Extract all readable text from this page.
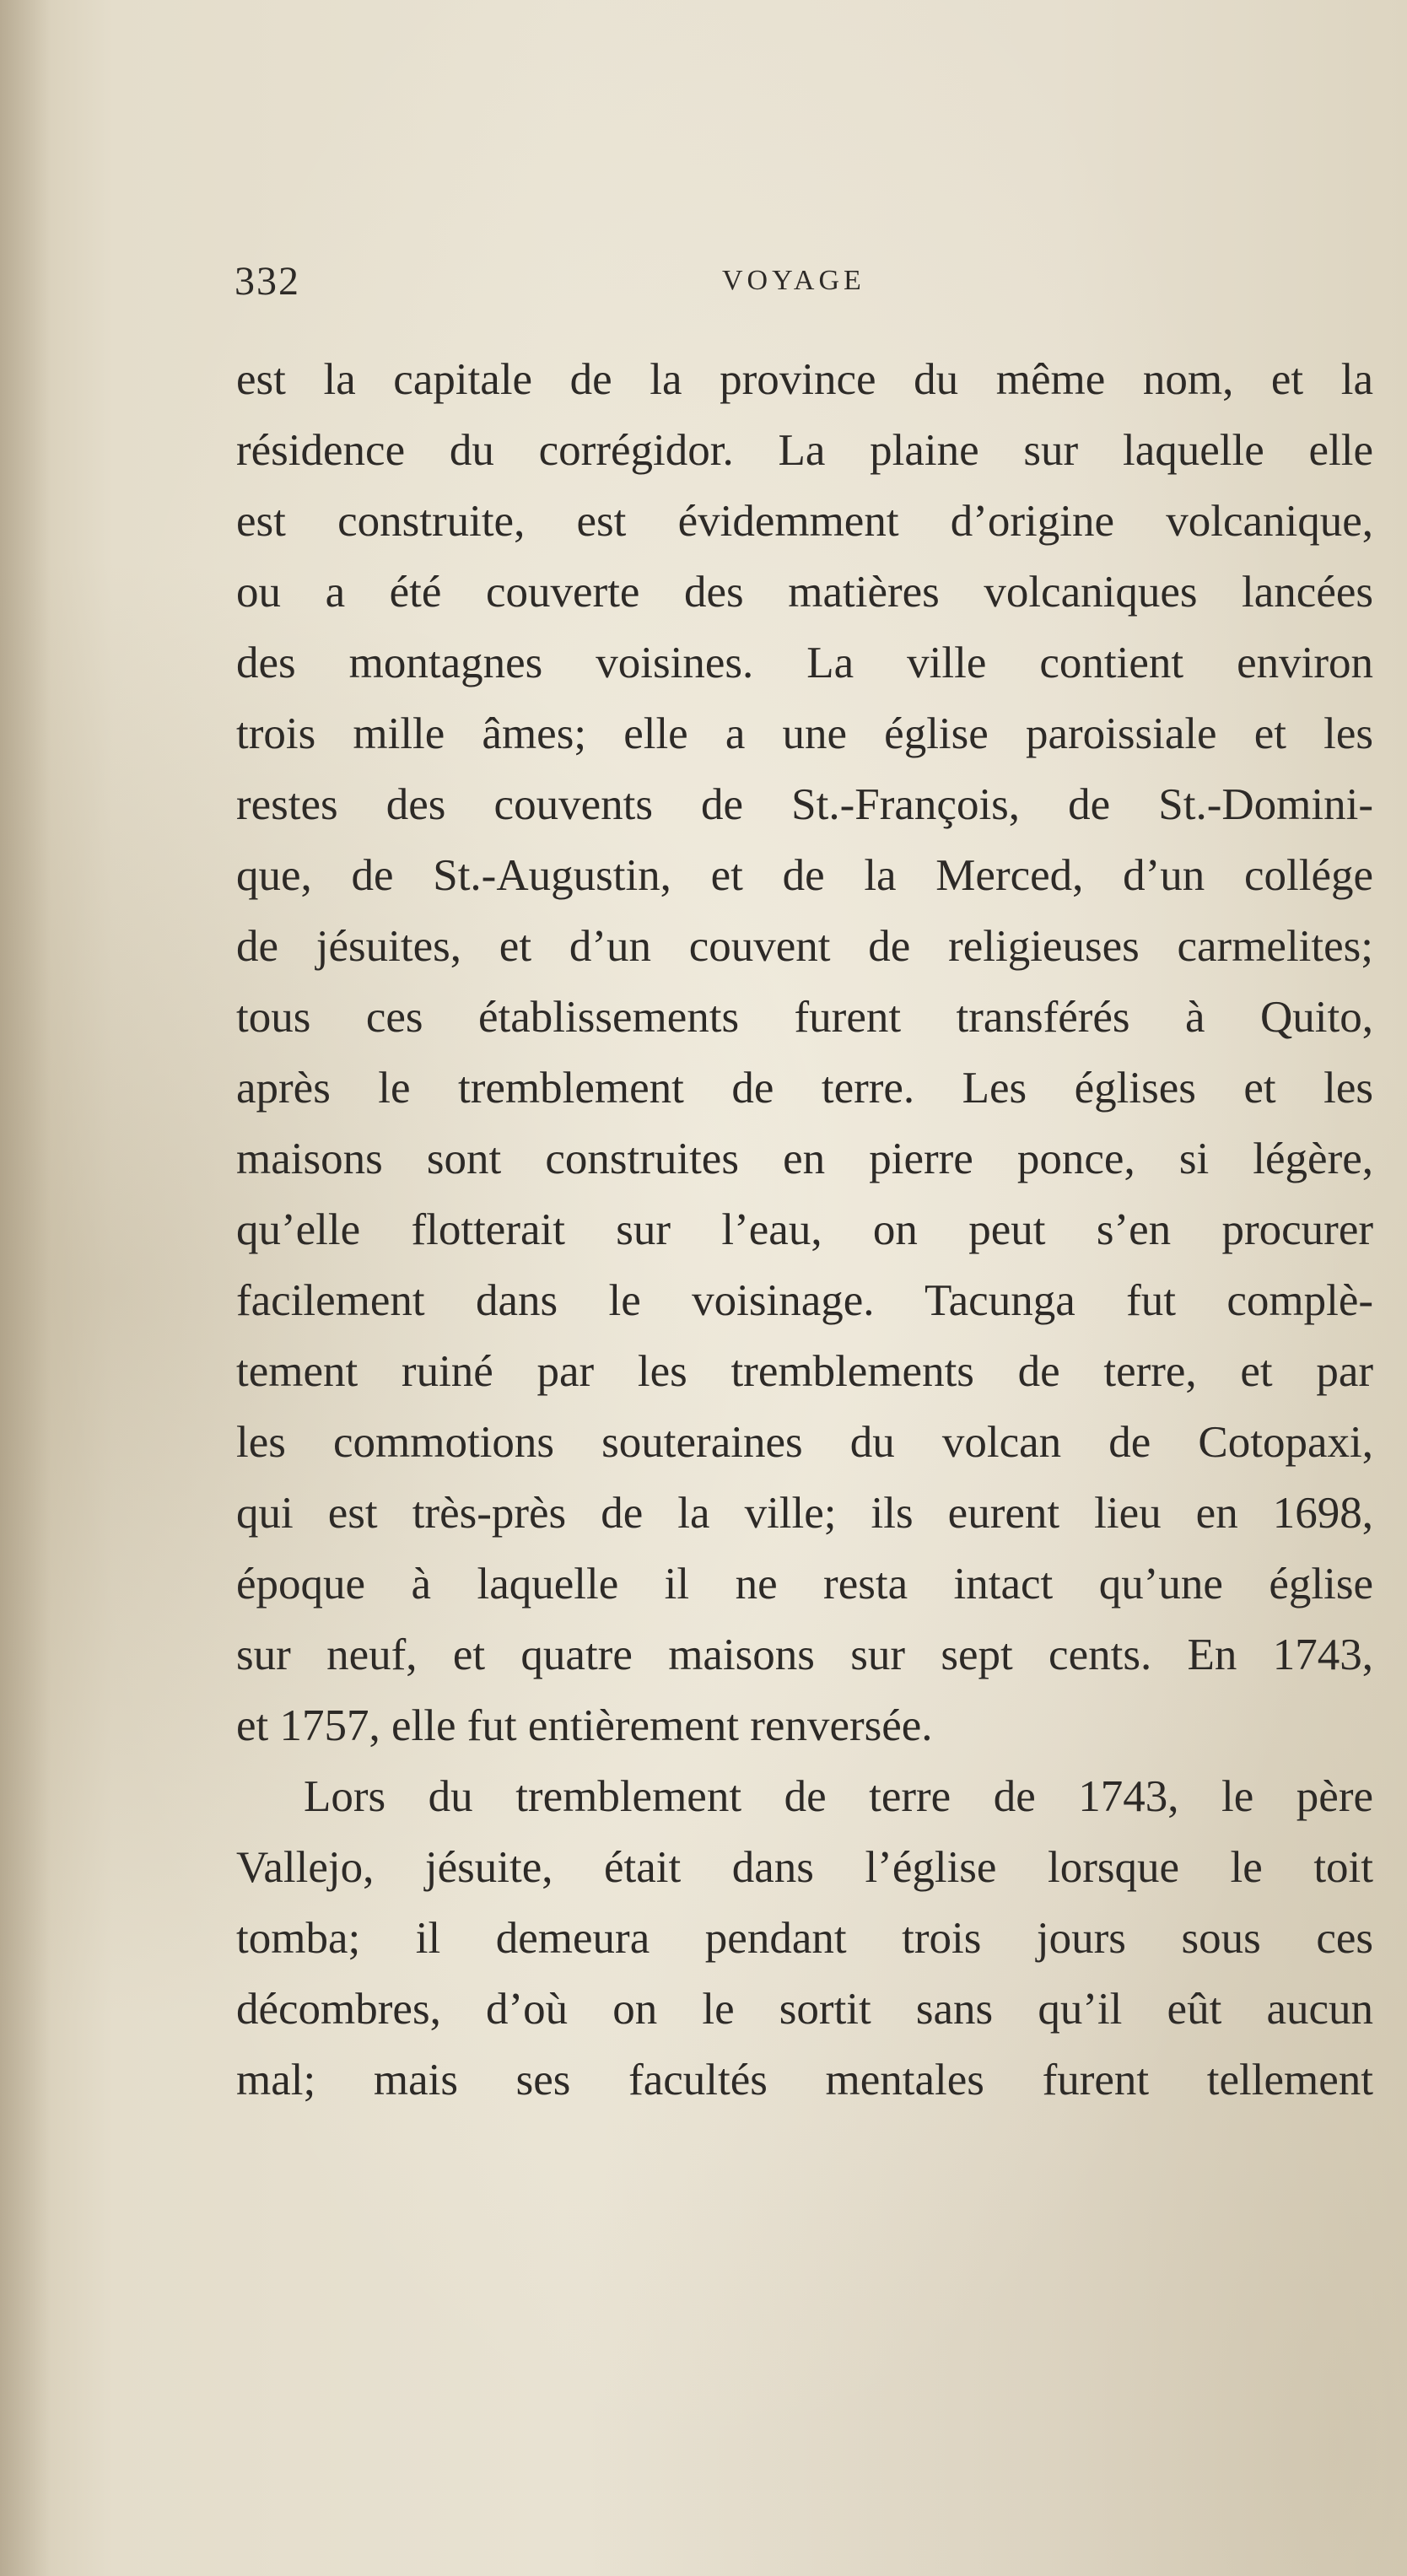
332	VOYAGE
est la capitale de la province du même nom, et la
résidence du corrégidor. La plaine sur laquelle elle
est construite, est évidemment d’origine volcanique,
ou a été couverte des matières volcaniques lancées
des montagnes voisines. La ville contient environ
trois mille âmes; elle a une église paroissiale et les
restes des couvents de St.-François, de St.-Domini-
que, de St.-Augustin, et de la Merced, d’un collége
de jésuites, et d’un couvent de religieuses carmelites;
tous ces établissements furent transférés à Quito,
après le tremblement de terre. Les églises et les
maisons sont construites en pierre ponce, si légère,
qu’elle flotterait sur l’eau, on peut s’en procurer
facilement dans le voisinage. Tacunga fut complè-
tement ruiné par les tremblements de terre, et par
les commotions souteraines du volcan de Cotopaxi,
qui est très-près de la ville; ils eurent lieu en 1698,
époque à laquelle il ne resta intact qu’une église
sur neuf, et quatre maisons sur sept cents. En 1743,
et 1757, elle fut entièrement renversée.
Lors du tremblement de terre de 1743, le père
Vallejo, jésuite, était dans l’église lorsque le toit
tomba; il demeura pendant trois jours sous ces
décombres, d’où on le sortit sans qu’il eût aucun
mal; mais ses facultés mentales furent tellement
